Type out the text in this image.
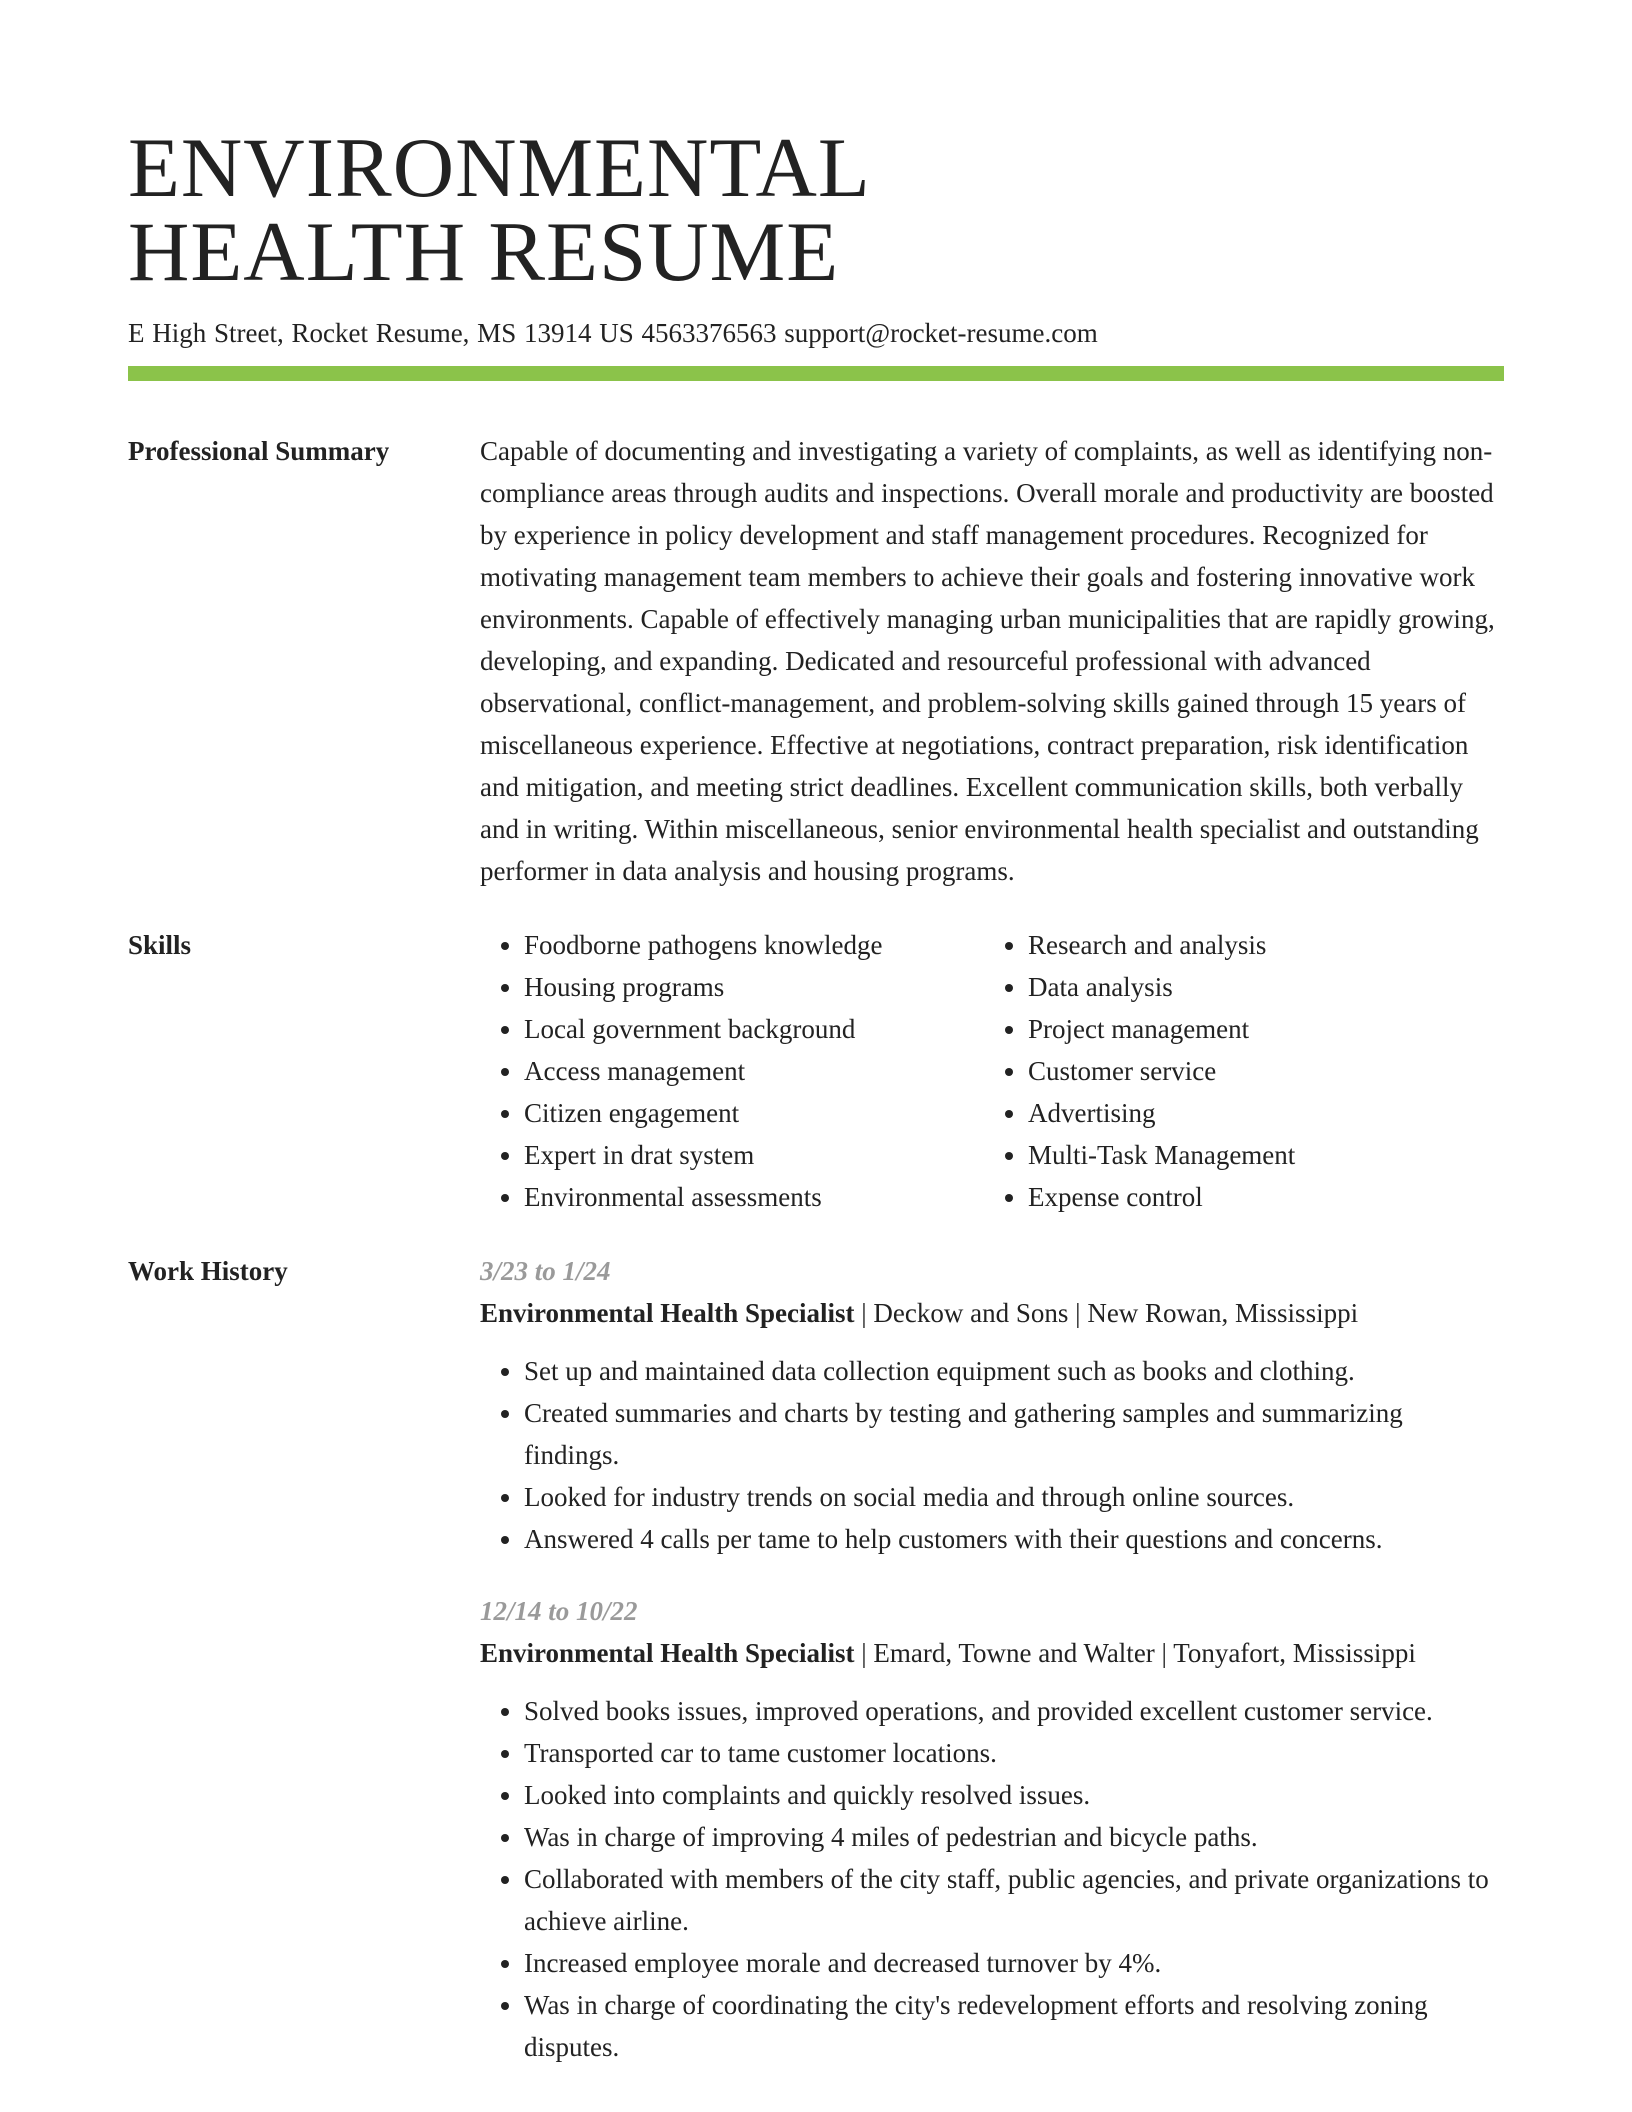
ENVIRONMENTAL
HEALTH RESUME
E High Street, Rocket Resume, MS 13914 US 4563376563 support@rocket-resume.com
Professional Summary	Capable of documenting and investigating a variety of complaints, as well as identifying non-compliance areas through audits and inspections. Overall morale and productivity are boosted by experience in policy development and staff management procedures. Recognized for motivating management team members to achieve their goals and fostering innovative work environments. Capable of effectively managing urban municipalities that are rapidly growing, developing, and expanding. Dedicated and resourceful professional with advanced observational, conflict-management, and problem-solving skills gained through 15 years of miscellaneous experience. Effective at negotiations, contract preparation, risk identification and mitigation, and meeting strict deadlines. Excellent communication skills, both verbally and in writing. Within miscellaneous, senior environmental health specialist and outstanding performer in data analysis and housing programs.
Skills
•	Foodborne pathogens knowledge
• Housing programs
• Local government background
• Access management
• Citizen engagement
• Expert in drat system
• Environmental assessments
• Research and analysis
• Data analysis
• Project management
• Customer service
• Advertising
• Multi-Task Management
• Expense control
Work History	3/23 to 1/24
Environmental Health Specialist | Deckow and Sons | New Rowan, Mississippi
• Set up and maintained data collection equipment such as books and clothing.
• Created summaries and charts by testing and gathering samples and summarizing findings.
• Looked for industry trends on social media and through online sources.
• Answered 4 calls per tame to help customers with their questions and concerns.
12/14 to 10/22
Environmental Health Specialist | Emard, Towne and Walter | Tonyafort, Mississippi
• Solved books issues, improved operations, and provided excellent customer service.
• Transported car to tame customer locations.
• Looked into complaints and quickly resolved issues.
• Was in charge of improving 4 miles of pedestrian and bicycle paths.
• Collaborated with members of the city staff, public agencies, and private organizations to achieve airline.
• Increased employee morale and decreased turnover by 4%.
• Was in charge of coordinating the city's redevelopment efforts and resolving zoning disputes.
